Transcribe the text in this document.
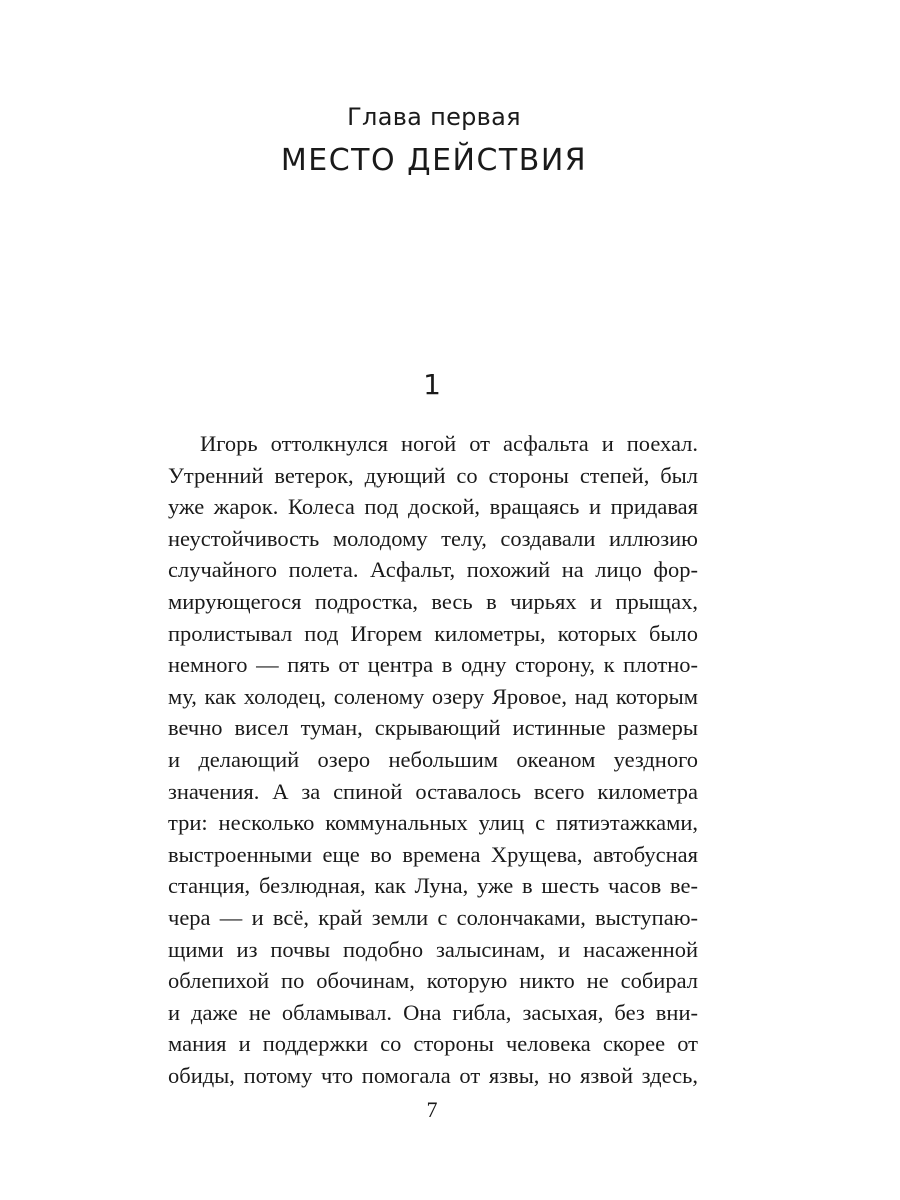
Глава первая
МЕСТО ДЕЙСТВИЯ
1
Игорь оттолкнулся ногой от асфальта и поехал.
Утренний ветерок, дующий со стороны степей, был
уже жарок. Колеса под доской, вращаясь и придавая
неустойчивость молодому телу, создавали иллюзию
случайного полета. Асфальт, похожий на лицо фор-
мирующегося подростка, весь в чирьях и прыщах,
пролистывал под Игорем километры, которых было
немного — пять от центра в одну сторону, к плотно-
му, как холодец, соленому озеру Яровое, над которым
вечно висел туман, скрывающий истинные размеры
и делающий озеро небольшим океаном уездного
значения. А за спиной оставалось всего километра
три: несколько коммунальных улиц с пятиэтажками,
выстроенными еще во времена Хрущева, автобусная
станция, безлюдная, как Луна, уже в шесть часов ве-
чера — и всё, край земли с солончаками, выступаю-
щими из почвы подобно залысинам, и насаженной
облепихой по обочинам, которую никто не собирал
и даже не обламывал. Она гибла, засыхая, без вни-
мания и поддержки со стороны человека скорее от
обиды, потому что помогала от язвы, но язвой здесь,
7
